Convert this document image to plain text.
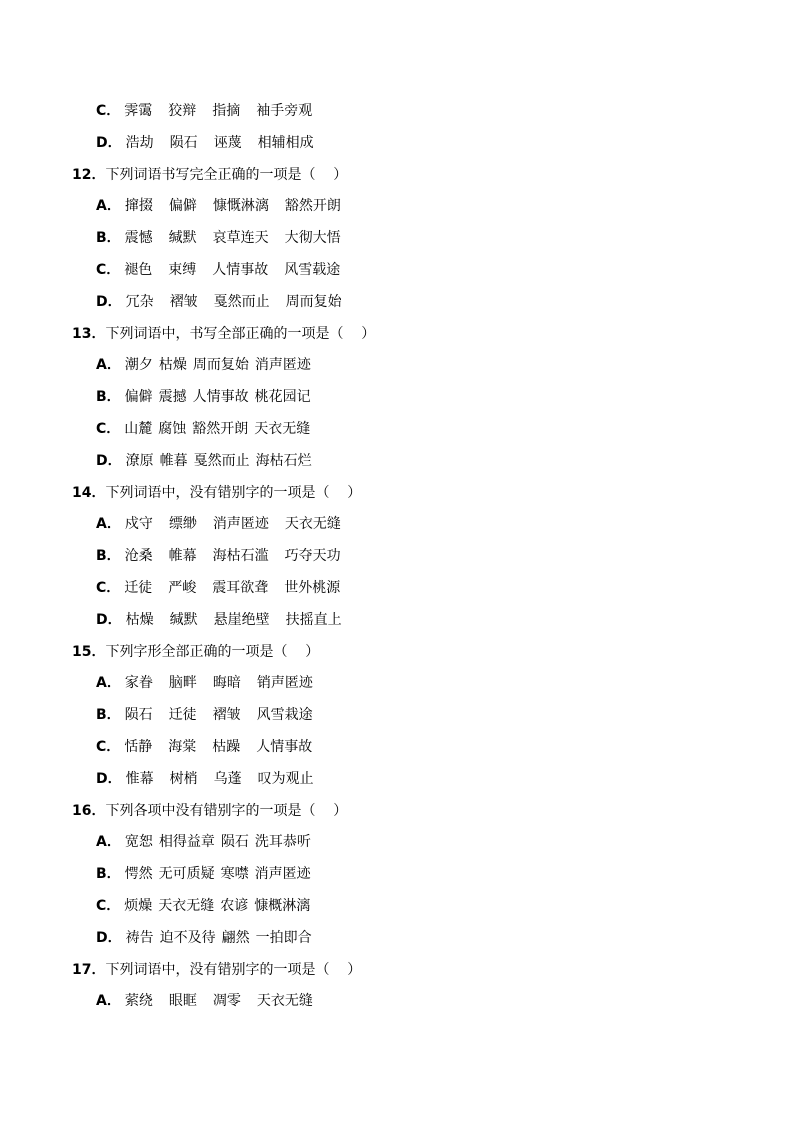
C． 霁霭 狡辩 指摘 袖手旁观
D． 浩劫 陨石 诬蔑 相辅相成
12．下列词语书写完全正确的一项是（    ）
A． 撺掇 偏僻 慷慨淋漓 豁然开朗
B． 震憾 缄默 哀草连天 大彻大悟
C． 褪色 束缚 人情事故 风雪载途
D． 冗杂 褶皱 戛然而止 周而复始
13．下列词语中，书写全部正确的一项是（    ）
A． 潮夕 枯燥 周而复始 消声匿迹
B． 偏僻 震撼 人情事故 桃花园记
C． 山麓 腐蚀 豁然开朗 天衣无缝
D． 潦原 帷暮 戛然而止 海枯石烂
14．下列词语中，没有错别字的一项是（    ）
A． 戍守 缥缈 消声匿迹 天衣无缝
B． 沧桑 帷幕 海枯石滥 巧夺天功
C． 迁徒 严峻 震耳欲聋 世外桃源
D． 枯燥 缄默 悬崖绝壁 扶摇直上
15．下列字形全部正确的一项是（    ）
A． 家眷 脑畔 晦暗 销声匿迹
B． 陨石 迁徒 褶皱 风雪栽途
C． 恬静 海棠 枯躁 人情事故
D． 惟幕 树梢 乌蓬 叹为观止
16．下列各项中没有错别字的一项是（    ）
A． 宽恕 相得益章 陨石 洗耳恭听
B． 愕然 无可质疑 寒噤 消声匿迹
C． 烦燥 天衣无缝 农谚 慷概淋漓
D． 祷告 迫不及待 翩然 一拍即合
17．下列词语中，没有错别字的一项是（    ）
A． 萦绕 眼眶 凋零 天衣无缝
